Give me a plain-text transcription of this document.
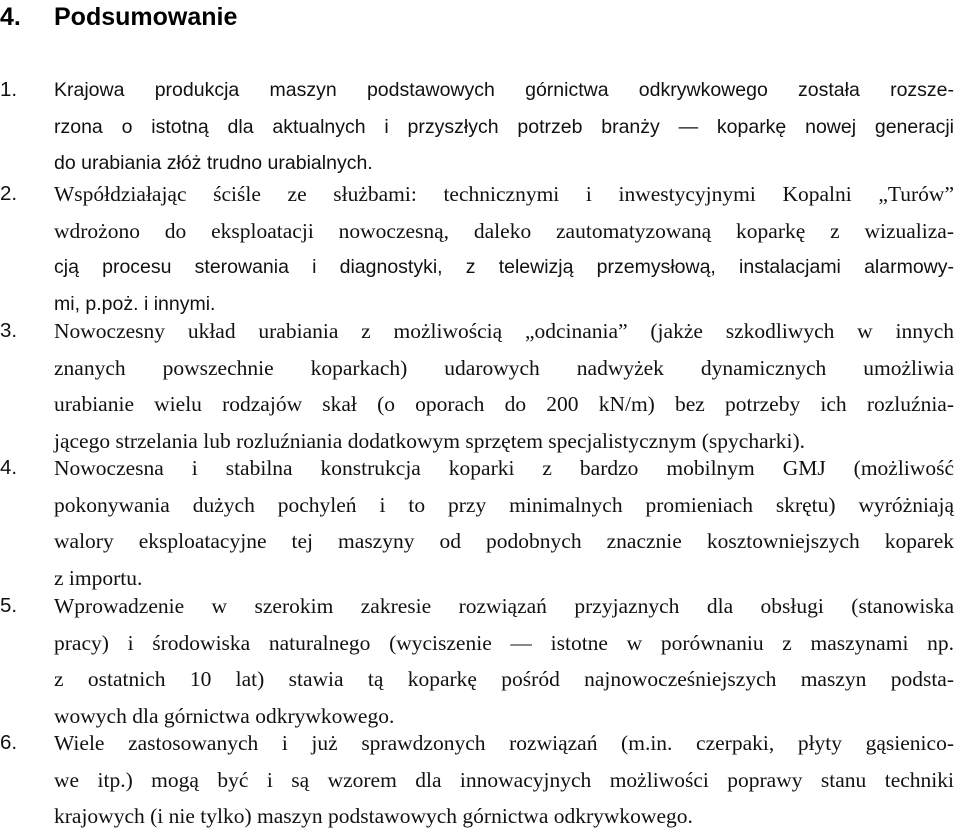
4.	Podsumowanie
1.	Krajowa produkcja maszyn podstawowych górnictwa odkrywkowego została rozsze-
rzona o istotną dla aktualnych i przyszłych potrzeb branży — koparkę nowej generacji
do urabiania złóż trudno urabialnych.
2.	Współdziałając ściśle ze służbami: technicznymi i inwestycyjnymi Kopalni „Turów”
wdrożono do eksploatacji nowoczesną, daleko zautomatyzowaną koparkę z wizualiza-
cją procesu sterowania i diagnostyki, z telewizją przemysłową, instalacjami alarmowy-
mi, p.poż. i innymi.
3.	Nowoczesny układ urabiania z możliwością „odcinania” (jakże szkodliwych w innych
znanych powszechnie koparkach) udarowych nadwyżek dynamicznych umożliwia
urabianie wielu rodzajów skał (o oporach do 200 kN/m) bez potrzeby ich rozluźnia-
jącego strzelania lub rozluźniania dodatkowym sprzętem specjalistycznym (spycharki).
4.	Nowoczesna i stabilna konstrukcja koparki z bardzo mobilnym GMJ (możliwość
pokonywania dużych pochyleń i to przy minimalnych promieniach skrętu) wyróżniają
walory eksploatacyjne tej maszyny od podobnych znacznie kosztowniejszych koparek
z importu.
5.	Wprowadzenie w szerokim zakresie rozwiązań przyjaznych dla obsługi (stanowiska
pracy) i środowiska naturalnego (wyciszenie — istotne w porównaniu z maszynami np.
z ostatnich 10 lat) stawia tą koparkę pośród najnowocześniejszych maszyn podsta-
wowych dla górnictwa odkrywkowego.
6.	Wiele zastosowanych i już sprawdzonych rozwiązań (m.in. czerpaki, płyty gąsienico-
we itp.) mogą być i są wzorem dla innowacyjnych możliwości poprawy stanu techniki
krajowych (i nie tylko) maszyn podstawowych górnictwa odkrywkowego.
